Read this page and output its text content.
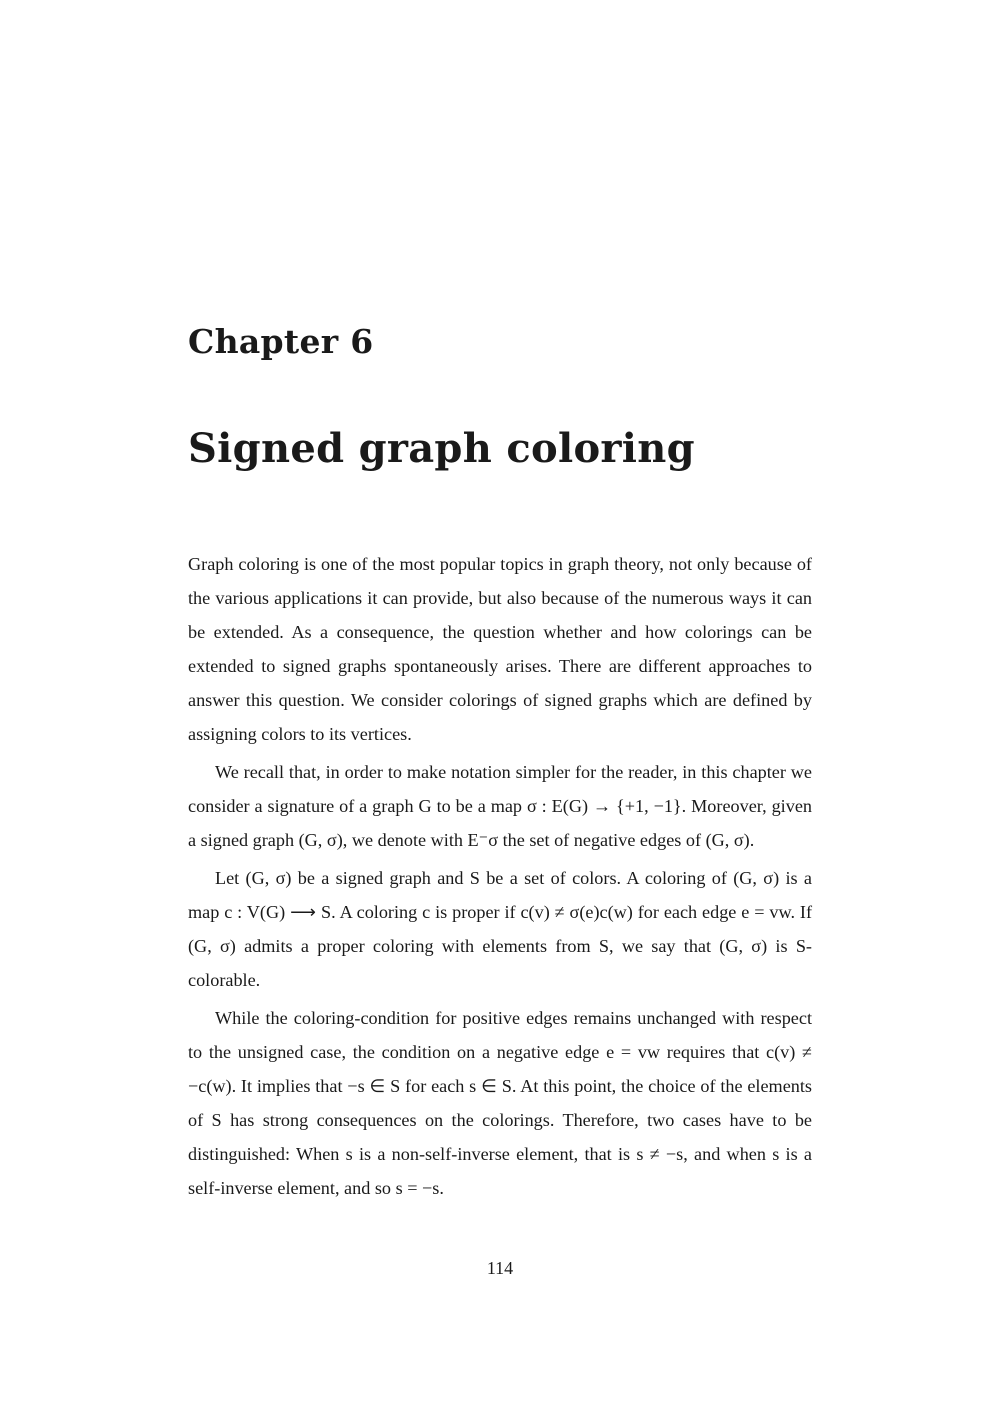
Chapter 6
Signed graph coloring

Graph coloring is one of the most popular topics in graph theory, not only because of the various applications it can provide, but also because of the numerous ways it can be extended. As a consequence, the question whether and how colorings can be extended to signed graphs spontaneously arises. There are different approaches to answer this question. We consider colorings of signed graphs which are defined by assigning colors to its vertices.

We recall that, in order to make notation simpler for the reader, in this chapter we consider a signature of a graph G to be a map σ : E(G) → {+1, −1}. Moreover, given a signed graph (G, σ), we denote with E⁻σ the set of negative edges of (G, σ).

Let (G, σ) be a signed graph and S be a set of colors. A coloring of (G, σ) is a map c : V(G) ⟶ S. A coloring c is proper if c(v) ≠ σ(e)c(w) for each edge e = vw. If (G, σ) admits a proper coloring with elements from S, we say that (G, σ) is S-colorable.

While the coloring-condition for positive edges remains unchanged with respect to the unsigned case, the condition on a negative edge e = vw requires that c(v) ≠ −c(w). It implies that −s ∈ S for each s ∈ S. At this point, the choice of the elements of S has strong consequences on the colorings. Therefore, two cases have to be distinguished: When s is a non-self-inverse element, that is s ≠ −s, and when s is a self-inverse element, and so s = −s.

114
